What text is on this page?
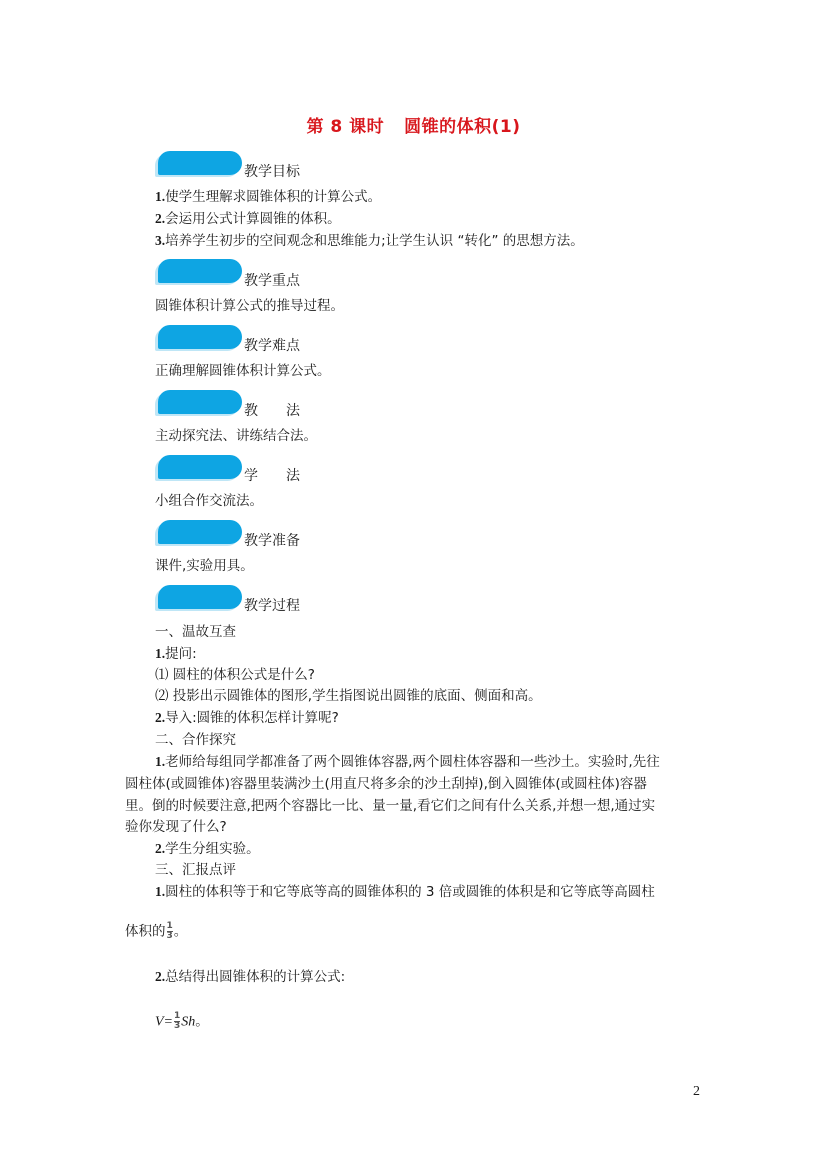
第 8 课时 圆锥的体积(1)
教学目标
1.使学生理解求圆锥体积的计算公式。
2.会运用公式计算圆锥的体积。
3.培养学生初步的空间观念和思维能力;让学生认识 “转化” 的思想方法。
教学重点
圆锥体积计算公式的推导过程。
教学难点
正确理解圆锥体积计算公式。
教　　法
主动探究法、讲练结合法。
学　　法
小组合作交流法。
教学准备
课件,实验用具。
教学过程
一、温故互查
1.提问:
⑴ 圆柱的体积公式是什么?
⑵ 投影出示圆锥体的图形,学生指图说出圆锥的底面、侧面和高。
2.导入:圆锥的体积怎样计算呢?
二、合作探究
1.老师给每组同学都准备了两个圆锥体容器,两个圆柱体容器和一些沙土。实验时,先往
圆柱体(或圆锥体)容器里装满沙土(用直尺将多余的沙土刮掉),倒入圆锥体(或圆柱体)容器
里。倒的时候要注意,把两个容器比一比、量一量,看它们之间有什么关系,并想一想,通过实
验你发现了什么?
2.学生分组实验。
三、汇报点评
1.圆柱的体积等于和它等底等高的圆锥体积的 3 倍或圆锥的体积是和它等底等高圆柱
体积的$\frac{1}{3}$ 。
2.总结得出圆锥体积的计算公式:
$V=\frac{1}{3}$ Sh。
2
